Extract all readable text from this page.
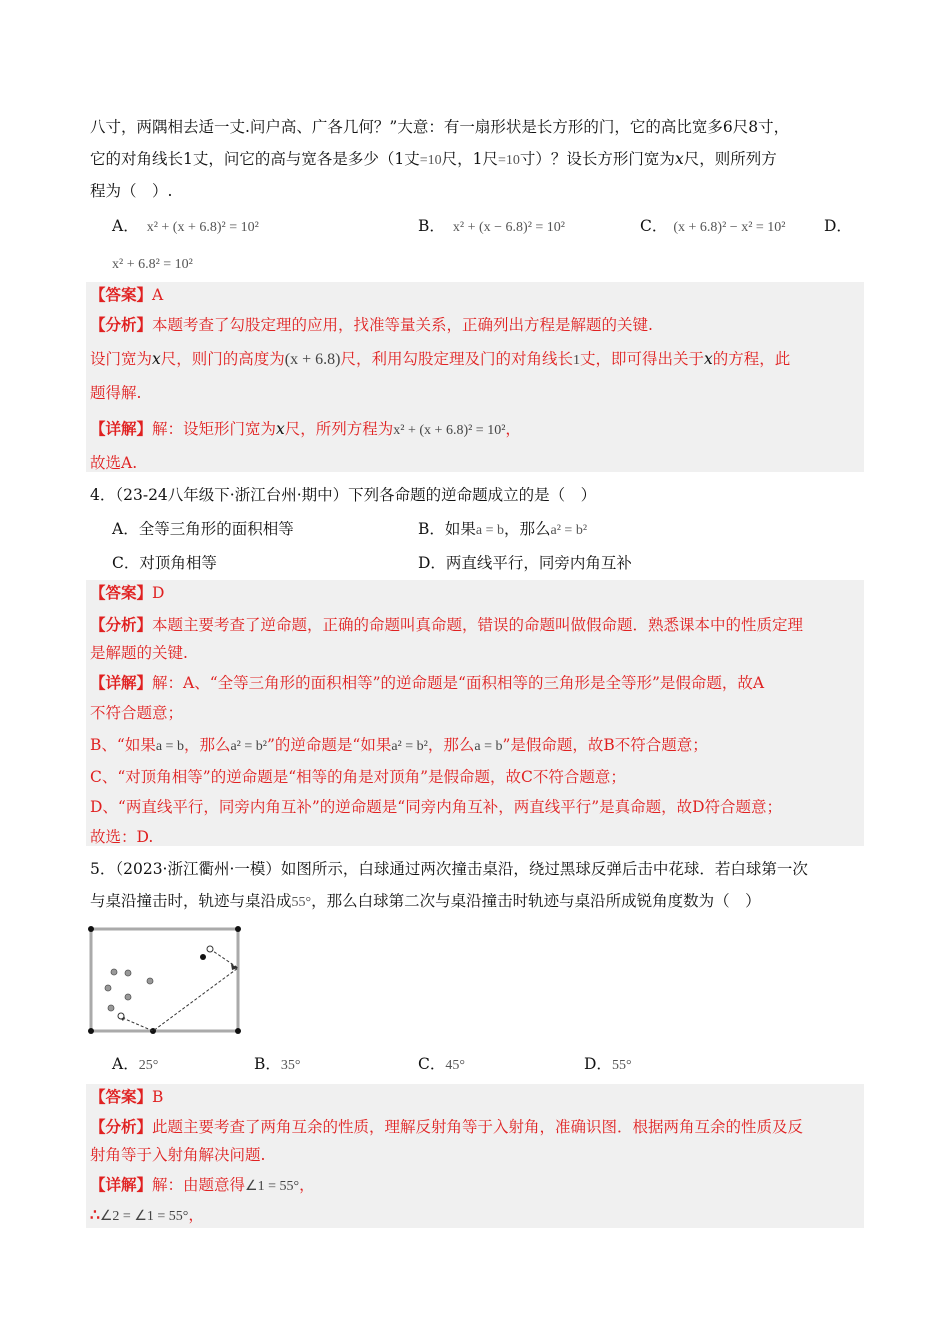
八寸，两隅相去适一丈.问户高、广各几何？”大意：有一扇形状是长方形的门，它的高比宽多6尺8寸，
它的对角线长1丈，问它的高与宽各是多少（1丈=10尺，1尺=10寸）？设长方形门宽为x尺，则所列方
程为（　）.
A． x² + (x + 6.8)² = 10²	B． x² + (x − 6.8)² = 10²	C． (x + 6.8)² − x² = 10² D．
x² + 6.8² = 10²
【答案】A
【分析】本题考查了勾股定理的应用，找准等量关系，正确列出方程是解题的关键.
设门宽为x尺，则门的高度为(x + 6.8)尺，利用勾股定理及门的对角线长1丈，即可得出关于x的方程，此
题得解.
【详解】解：设矩形门宽为x尺，所列方程为x² + (x + 6.8)² = 10²，
故选A.
4．（23-24八年级下·浙江台州·期中）下列各命题的逆命题成立的是（　）
A．全等三角形的面积相等	B．如果a = b，那么a² = b²
C．对顶角相等	D．两直线平行，同旁内角互补
【答案】D
【分析】本题主要考查了逆命题，正确的命题叫真命题，错误的命题叫做假命题．熟悉课本中的性质定理
是解题的关键.
【详解】解：A、“全等三角形的面积相等”的逆命题是“面积相等的三角形是全等形”是假命题，故A
不符合题意；
B、“如果a = b，那么a² = b²”的逆命题是“如果a² = b²，那么a = b”是假命题，故B不符合题意；
C、“对顶角相等”的逆命题是“相等的角是对顶角”是假命题，故C不符合题意；
D、“两直线平行，同旁内角互补”的逆命题是“同旁内角互补，两直线平行”是真命题，故D符合题意；
故选：D.
5．（2023·浙江衢州·一模）如图所示，白球通过两次撞击桌沿，绕过黑球反弹后击中花球．若白球第一次
与桌沿撞击时，轨迹与桌沿成55°，那么白球第二次与桌沿撞击时轨迹与桌沿所成锐角度数为（　）
A．25°	B．35°	C．45°	D．55°
【答案】B
【分析】此题主要考查了两角互余的性质，理解反射角等于入射角，准确识图．根据两角互余的性质及反
射角等于入射角解决问题.
【详解】解：由题意得∠1 = 55°，
∴∠2 = ∠1 = 55°，
